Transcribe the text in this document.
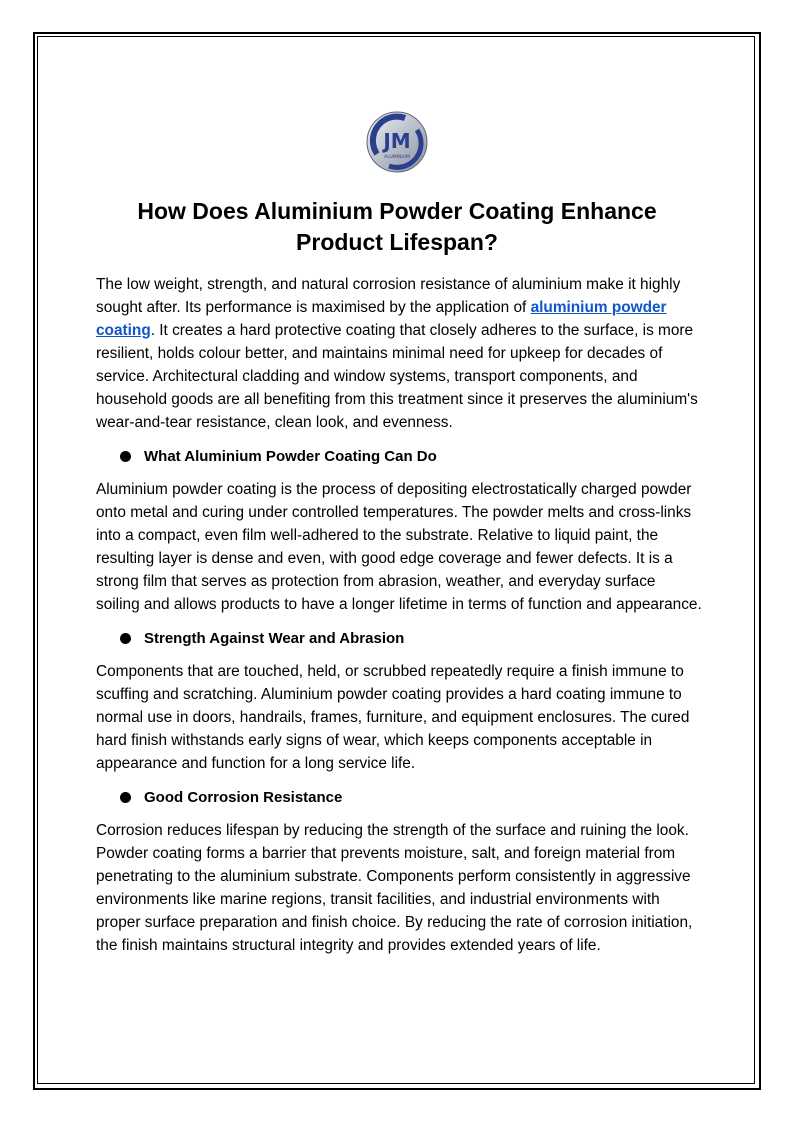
JM
ALUMINIUM
How Does Aluminium Powder Coating Enhance Product Lifespan?

The low weight, strength, and natural corrosion resistance of aluminium make it highly sought after. Its performance is maximised by the application of aluminium powder coating. It creates a hard protective coating that closely adheres to the surface, is more resilient, holds colour better, and maintains minimal need for upkeep for decades of service. Architectural cladding and window systems, transport components, and household goods are all benefiting from this treatment since it preserves the aluminium's wear-and-tear resistance, clean look, and evenness.

What Aluminium Powder Coating Can Do

Aluminium powder coating is the process of depositing electrostatically charged powder onto metal and curing under controlled temperatures. The powder melts and cross-links into a compact, even film well-adhered to the substrate. Relative to liquid paint, the resulting layer is dense and even, with good edge coverage and fewer defects. It is a strong film that serves as protection from abrasion, weather, and everyday surface soiling and allows products to have a longer lifetime in terms of function and appearance.

Strength Against Wear and Abrasion

Components that are touched, held, or scrubbed repeatedly require a finish immune to scuffing and scratching. Aluminium powder coating provides a hard coating immune to normal use in doors, handrails, frames, furniture, and equipment enclosures. The cured hard finish withstands early signs of wear, which keeps components acceptable in appearance and function for a long service life.

Good Corrosion Resistance

Corrosion reduces lifespan by reducing the strength of the surface and ruining the look. Powder coating forms a barrier that prevents moisture, salt, and foreign material from penetrating to the aluminium substrate. Components perform consistently in aggressive environments like marine regions, transit facilities, and industrial environments with proper surface preparation and finish choice. By reducing the rate of corrosion initiation, the finish maintains structural integrity and provides extended years of life.
